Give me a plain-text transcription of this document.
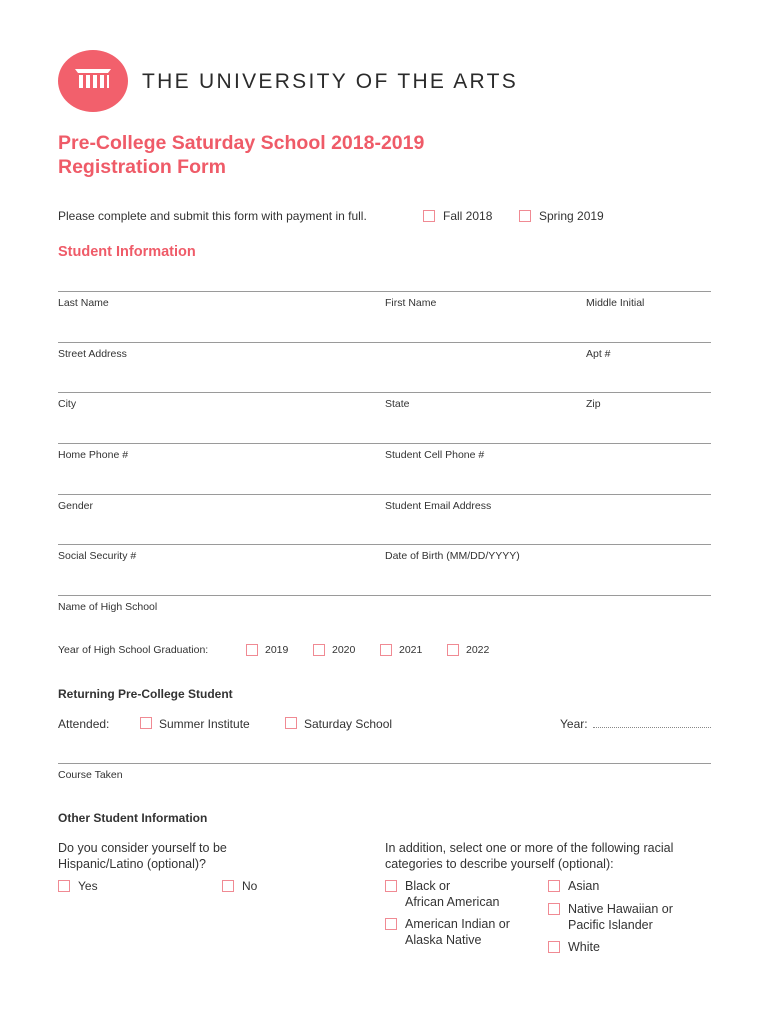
THE UNIVERSITY OF THE ARTS
Pre-College Saturday School 2018-2019
Registration Form
Please complete and submit this form with payment in full.	Fall 2018	Spring 2019
Student Information
Last Name	First Name	Middle Initial
Street Address	Apt #
City	State	Zip
Home Phone #	Student Cell Phone #
Gender	Student Email Address
Social Security #	Date of Birth (MM/DD/YYYY)
Name of High School
Year of High School Graduation:	2019	2020	2021	2022
Returning Pre-College Student
Attended:	Summer Institute	Saturday School	Year:
Course Taken
Other Student Information
Do you consider yourself to be
Hispanic/Latino (optional)?
Yes	No
In addition, select one or more of the following racial
categories to describe yourself (optional):
Black or
African American
American Indian or
Alaska Native
Asian
Native Hawaiian or
Pacific Islander
White
